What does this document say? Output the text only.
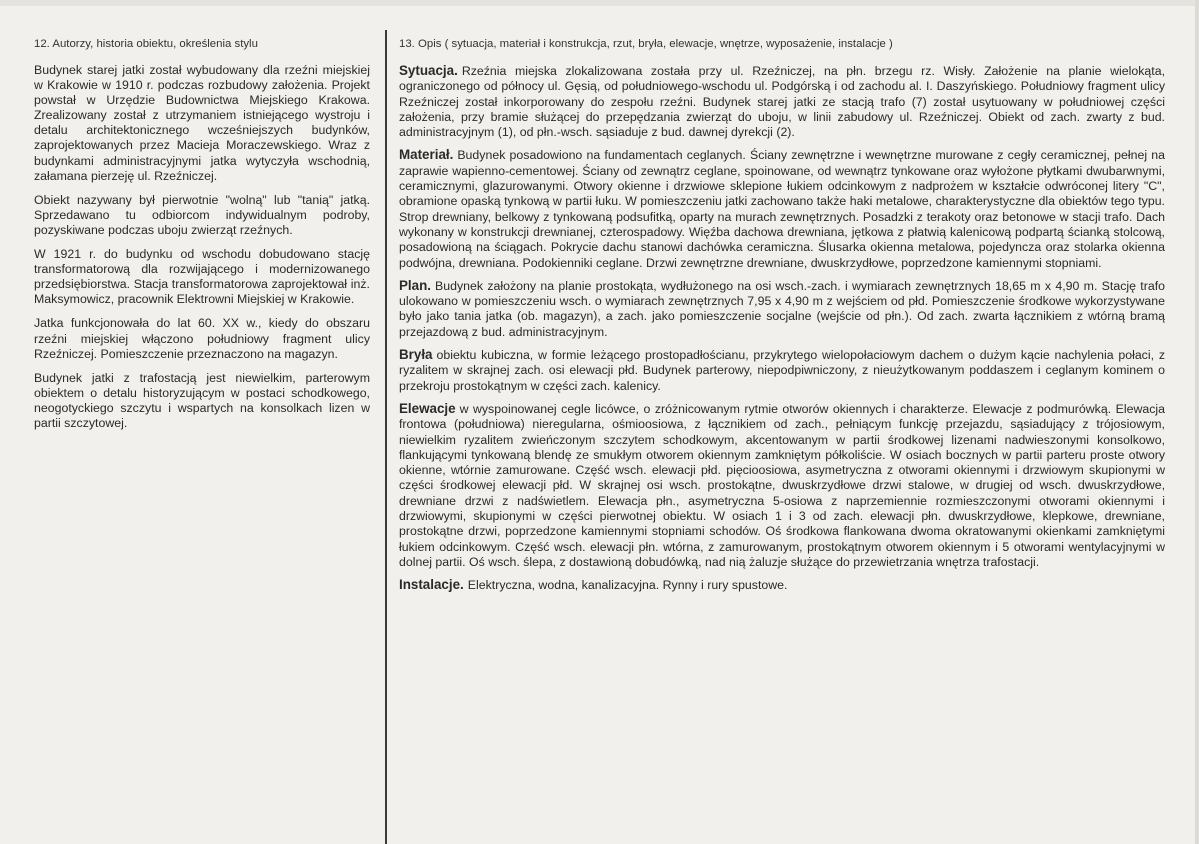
12. Autorzy, historia obiektu, określenia stylu

Budynek starej jatki został wybudowany dla rzeźni miejskiej w Krakowie w 1910 r. podczas rozbudowy założenia. Projekt powstał w Urzędzie Budownictwa Miejskiego Krakowa. Zrealizowany został z utrzymaniem istniejącego wystroju i detalu architektonicznego wcześniejszych budynków, zaprojektowanych przez Macieja Moraczewskiego. Wraz z budynkami administracyjnymi jatka wytyczyła wschodnią, załamana pierzeję ul. Rzeźniczej.

Obiekt nazywany był pierwotnie "wolną" lub "tanią" jatką. Sprzedawano tu odbiorcom indywidualnym podroby, pozyskiwane podczas uboju zwierząt rzeźnych.

W 1921 r. do budynku od wschodu dobudowano stację transformatorową dla rozwijającego i modernizowanego przedsiębiorstwa. Stacja transformatorowa zaprojektował inż. Maksymowicz, pracownik Elektrowni Miejskiej w Krakowie.

Jatka funkcjonowała do lat 60. XX w., kiedy do obszaru rzeźni miejskiej włączono południowy fragment ulicy Rzeźniczej. Pomieszczenie przeznaczono na magazyn.

Budynek jatki z trafostacją jest niewielkim, parterowym obiektem o detalu historyzującym w postaci schodkowego, neogotyckiego szczytu i wspartych na konsolkach lizen w partii szczytowej.

13. Opis ( sytuacja, materiał i konstrukcja, rzut, bryła, elewacje, wnętrze, wyposażenie, instalacje )

Sytuacja. Rzeźnia miejska zlokalizowana została przy ul. Rzeźniczej, na płn. brzegu rz. Wisły. Założenie na planie wielokąta, ograniczonego od północy ul. Gęsią, od południowego-wschodu ul. Podgórską i od zachodu al. I. Daszyńskiego. Południowy fragment ulicy Rzeźniczej został inkorporowany do zespołu rzeźni. Budynek starej jatki ze stacją trafo (7) został usytuowany w południowej części założenia, przy bramie służącej do przepędzania zwierząt do uboju, w linii zabudowy ul. Rzeźniczej. Obiekt od zach. zwarty z bud. administracyjnym (1), od płn.-wsch. sąsiaduje z bud. dawnej dyrekcji (2).

Materiał. Budynek posadowiono na fundamentach ceglanych. Ściany zewnętrzne i wewnętrzne murowane z cegły ceramicznej, pełnej na zaprawie wapienno-cementowej. Ściany od zewnątrz ceglane, spoinowane, od wewnątrz tynkowane oraz wyłożone płytkami dwubarwnymi, ceramicznymi, glazurowanymi. Otwory okienne i drzwiowe sklepione łukiem odcinkowym z nadprożem w kształcie odwróconej litery "C", obramione opaską tynkową w partii łuku. W pomieszczeniu jatki zachowano także haki metalowe, charakterystyczne dla obiektów tego typu. Strop drewniany, belkowy z tynkowaną podsufitką, oparty na murach zewnętrznych. Posadzki z terakoty oraz betonowe w stacji trafo. Dach wykonany w konstrukcji drewnianej, czterospadowy. Więźba dachowa drewniana, jętkowa z płatwią kalenicową podpartą ścianką stolcową, posadowioną na ściągach. Pokrycie dachu stanowi dachówka ceramiczna. Ślusarka okienna metalowa, pojedyncza oraz stolarka okienna podwójna, drewniana. Podokienniki ceglane. Drzwi zewnętrzne drewniane, dwuskrzydłowe, poprzedzone kamiennymi stopniami.

Plan. Budynek założony na planie prostokąta, wydłużonego na osi wsch.-zach. i wymiarach zewnętrznych 18,65 m x 4,90 m. Stację trafo ulokowano w pomieszczeniu wsch. o wymiarach zewnętrznych 7,95 x 4,90 m z wejściem od płd. Pomieszczenie środkowe wykorzystywane było jako tania jatka (ob. magazyn), a zach. jako pomieszczenie socjalne (wejście od płn.). Od zach. zwarta łącznikiem z wtórną bramą przejazdową z bud. administracyjnym.

Bryła obiektu kubiczna, w formie leżącego prostopadłościanu, przykrytego wielopołaciowym dachem o dużym kącie nachylenia połaci, z ryzalitem w skrajnej zach. osi elewacji płd. Budynek parterowy, niepodpiwniczony, z nieużytkowanym poddaszem i ceglanym kominem o przekroju prostokątnym w części zach. kalenicy.

Elewacje w wyspoinowanej cegle licówce, o zróżnicowanym rytmie otworów okiennych i charakterze. Elewacje z podmurówką. Elewacja frontowa (południowa) nieregularna, ośmioosiowa, z łącznikiem od zach., pełniącym funkcję przejazdu, sąsiadujący z trójosiowym, niewielkim ryzalitem zwieńczonym szczytem schodkowym, akcentowanym w partii środkowej lizenami nadwieszonymi konsolkowo, flankującymi tynkowaną blendę ze smukłym otworem okiennym zamkniętym półkoliście. W osiach bocznych w partii parteru proste otwory okienne, wtórnie zamurowane. Część wsch. elewacji płd. pięcioosiowa, asymetryczna z otworami okiennymi i drzwiowym skupionymi w części środkowej elewacji płd. W skrajnej osi wsch. prostokątne, dwuskrzydłowe drzwi stalowe, w drugiej od wsch. dwuskrzydłowe, drewniane drzwi z nadświetlem. Elewacja płn., asymetryczna 5-osiowa z naprzemiennie rozmieszczonymi otworami okiennymi i drzwiowymi, skupionymi w części pierwotnej obiektu. W osiach 1 i 3 od zach. elewacji płn. dwuskrzydłowe, klepkowe, drewniane, prostokątne drzwi, poprzedzone kamiennymi stopniami schodów. Oś środkowa flankowana dwoma okratowanymi okienkami zamkniętymi łukiem odcinkowym. Część wsch. elewacji płn. wtórna, z zamurowanym, prostokątnym otworem okiennym i 5 otworami wentylacyjnymi w dolnej partii. Oś wsch. ślepa, z dostawioną dobudówką, nad nią żaluzje służące do przewietrzania wnętrza trafostacji.

Instalacje. Elektryczna, wodna, kanalizacyjna. Rynny i rury spustowe.
